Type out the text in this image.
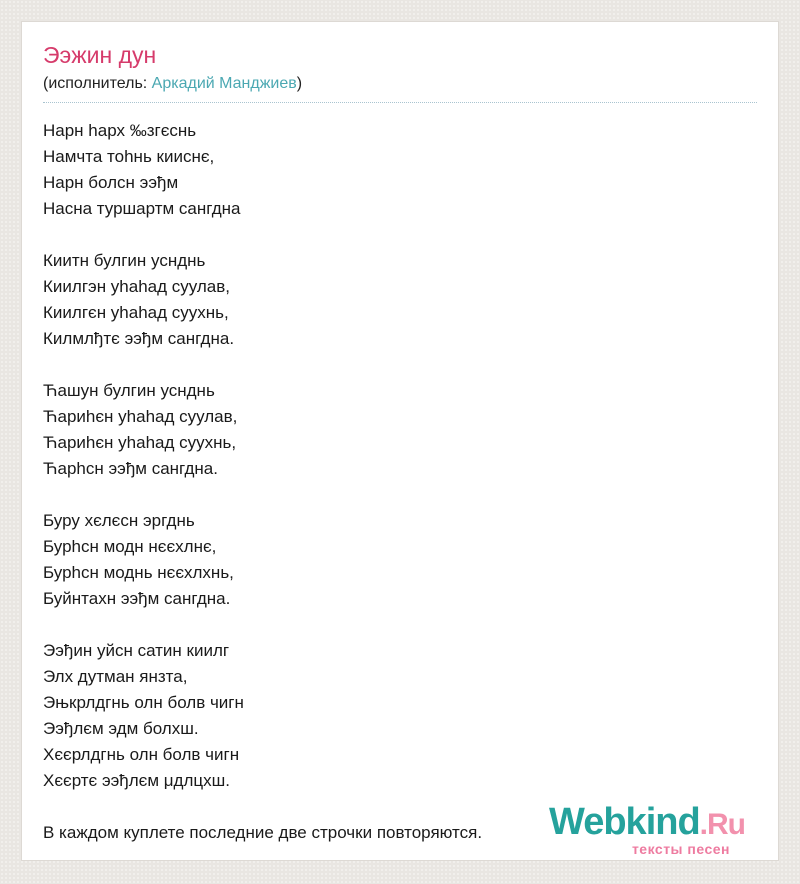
Ээжин дун
(исполнитель: Аркадий Манджиев)
Нарн hарх ‰згєснь
Намчта тоhнь кииснє,
Нарн болсн ээђм
Насна туршартм сангдна
Киитн булгин уснднь
Киилгэн уhаhад суулав,
Киилгєн уhаhад суухнь,
Килмлђтє ээђм сангдна.
Ћашун булгин уснднь
Ћариhєн уhаhад суулав,
Ћариhєн уhаhад суухнь,
Ћарhсн ээђм сангдна.
Буру хєлєсн эргднь
Бурhсн модн нєєхлнє,
Бурhсн моднь нєєхлхнь,
Буйнтахн ээђм сангдна.
Ээђин уйсн сатин киилг
Элх дутман янзта,
Эњкрлдгнь олн болв чигн
Ээђлєм эдм болхш.
Хєєрлдгнь олн болв чигн
Хєєртє ээђлєм μдлцхш.

В каждом куплете последние две строчки повторяются.	Webkind.Ru
тексты песен
